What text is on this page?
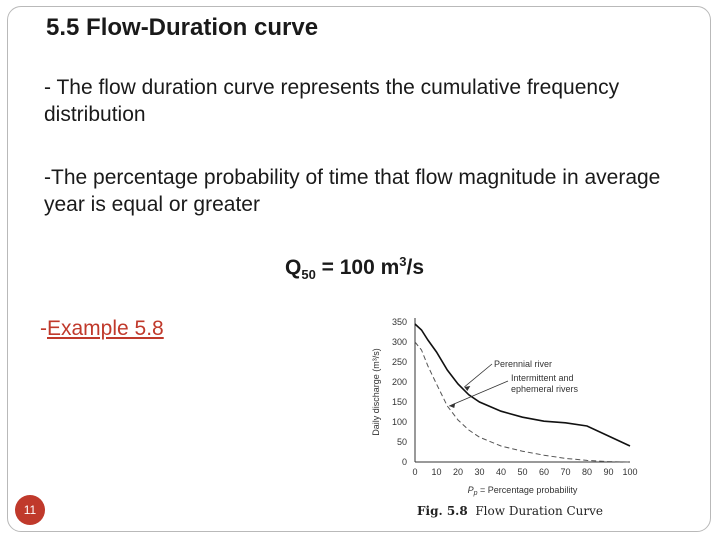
5.5 Flow-Duration curve
- The flow duration curve represents the cumulative frequency distribution
-The percentage probability of time that flow magnitude in average year is equal or greater
$Q_{50} = 100$ $m^3/s$
-Example 5.8
0
50
100
150
200
250
300
350
0 10 20 30 40 50 60 70 80 90 100
Daily discharge (m³/s)
$P_p$ = Percentage probability
Perennial river
Intermittent and
ephemeral rivers
Fig. 5.8 Flow Duration Curve
11
